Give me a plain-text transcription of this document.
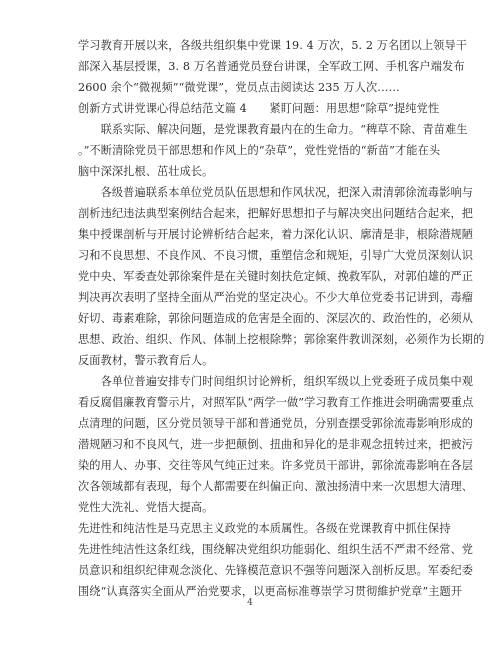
学习教育开展以来，各级共组织集中党课 19. 4 万次，5. 2 万名团以上领导干
部深入基层授课，3. 8 万名普通党员登台讲课，全军政工网、手机客户端发布
2600 余个“微视频”“微党课”，党员点击阅读达 235 万人次……
创新方式讲党课心得总结范文篇 4　　紧盯问题：用思想“除草”提纯党性
　　联系实际、解决问题，是党课教育最内在的生命力。“稗草不除、青苗难生
。”不断清除党员干部思想和作风上的“杂草”，党性党悟的“新苗”才能在头
脑中深深扎根、茁壮成长。
　　各级普遍联系本单位党员队伍思想和作风状况，把深入肃清郭徐流毒影响与
剖析违纪违法典型案例结合起来，把解好思想扣子与解决突出问题结合起来，把
集中授课剖析与开展讨论辨析结合起来，着力深化认识、廓清是非，根除潜规陋
习和不良思想、不良作风、不良习惯，重塑信念和规矩，引导广大党员深刻认识
党中央、军委查处郭徐案件是在关键时刻扶危定倾、挽救军队，对郭伯雄的严正
判决再次表明了坚持全面从严治党的坚定决心。不少大单位党委书记讲到，毒瘤
好切、毒素难除，郭徐问题造成的危害是全面的、深层次的、政治性的，必须从
思想、政治、组织、作风、体制上挖根除弊；郭徐案件教训深刻，必须作为长期的
反面教材，警示教育后人。
　　各单位普遍安排专门时间组织讨论辨析，组织军级以上党委班子成员集中观
看反腐倡廉教育警示片，对照军队“两学一做”学习教育工作推进会明确需要重点
点清理的问题，区分党员领导干部和普通党员，分别查摆受郭徐流毒影响形成的
潜规陋习和不良风气，进一步把颠倒、扭曲和异化的是非观念扭转过来，把被污
染的用人、办事、交往等风气纯正过来。许多党员干部讲，郭徐流毒影响在各层
次各领域都有表现，每个人都需要在纠偏正向、激浊扬清中来一次思想大清理、
党性大洗礼、党悟大提高。
先进性和纯洁性是马克思主义政党的本质属性。各级在党课教育中抓住保持
先进性纯洁性这条红线，围绕解决党组织功能弱化、组织生活不严肃不经常、党
员意识和组织纪律观念淡化、先锋模范意识不强等问题深入剖析反思。军委纪委
围绕“认真落实全面从严治党要求，以更高标准尊崇学习贯彻維护党章”主题开
4
